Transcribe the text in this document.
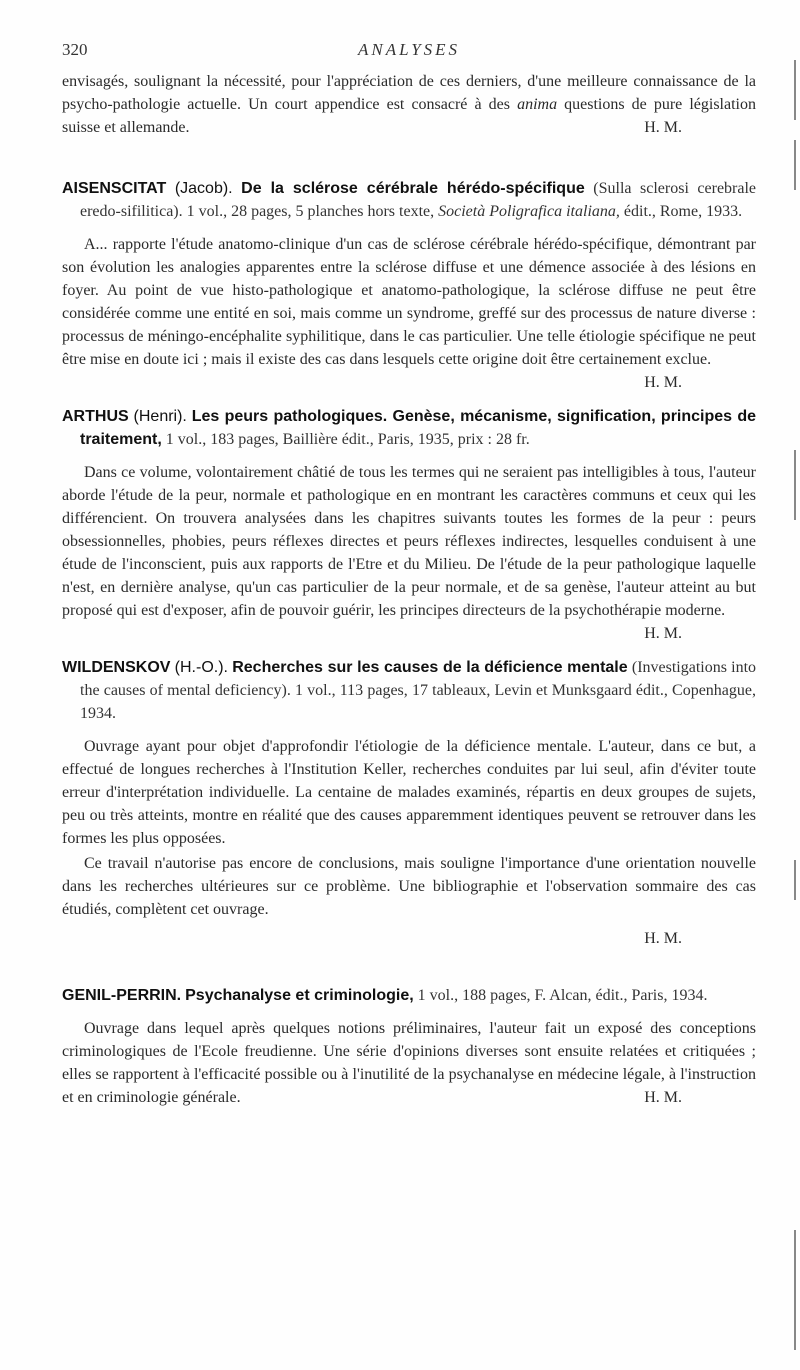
320	ANALYSES

envisagés, soulignant la nécessité, pour l'appréciation de ces derniers, d'une meilleure connaissance de la psycho-pathologie actuelle. Un court appendice est consacré à des anima questions de pure législation suisse et allemande.	H. M.

AISENSCITAT (Jacob). De la sclérose cérébrale hérédo-spécifique (Sulla sclerosi cerebrale eredo-sifilitica). 1 vol., 28 pages, 5 planches hors texte, Società Poligrafica italiana, édit., Rome, 1933.

A... rapporte l'étude anatomo-clinique d'un cas de sclérose cérébrale hérédo-spécifique, démontrant par son évolution les analogies apparentes entre la sclérose diffuse et une démence associée à des lésions en foyer. Au point de vue histo-pathologique et anatomo-pathologique, la sclérose diffuse ne peut être considérée comme une entité en soi, mais comme un syndrome, greffé sur des processus de nature diverse : processus de méningo-encéphalite syphilitique, dans le cas particulier. Une telle étiologie spécifique ne peut être mise en doute ici ; mais il existe des cas dans lesquels cette origine doit être certainement exclue.
H. M.

ARTHUS (Henri). Les peurs pathologiques. Genèse, mécanisme, signification, principes de traitement, 1 vol., 183 pages, Baillière édit., Paris, 1935, prix : 28 fr.

Dans ce volume, volontairement châtié de tous les termes qui ne seraient pas intelligibles à tous, l'auteur aborde l'étude de la peur, normale et pathologique en en montrant les caractères communs et ceux qui les différencient. On trouvera analysées dans les chapitres suivants toutes les formes de la peur : peurs obsessionnelles, phobies, peurs réflexes directes et peurs réflexes indirectes, lesquelles conduisent à une étude de l'inconscient, puis aux rapports de l'Etre et du Milieu. De l'étude de la peur pathologique laquelle n'est, en dernière analyse, qu'un cas particulier de la peur normale, et de sa genèse, l'auteur atteint au but proposé qui est d'exposer, afin de pouvoir guérir, les principes directeurs de la psychothérapie moderne.
H. M.

WILDENSKOV (H.-O.). Recherches sur les causes de la déficience mentale (Investigations into the causes of mental deficiency). 1 vol., 113 pages, 17 tableaux, Levin et Munksgaard édit., Copenhague, 1934.

Ouvrage ayant pour objet d'approfondir l'étiologie de la déficience mentale. L'auteur, dans ce but, a effectué de longues recherches à l'Institution Keller, recherches conduites par lui seul, afin d'éviter toute erreur d'interprétation individuelle. La centaine de malades examinés, répartis en deux groupes de sujets, peu ou très atteints, montre en réalité que des causes apparemment identiques peuvent se retrouver dans les formes les plus opposées.

Ce travail n'autorise pas encore de conclusions, mais souligne l'importance d'une orientation nouvelle dans les recherches ultérieures sur ce problème. Une bibliographie et l'observation sommaire des cas étudiés, complètent cet ouvrage.

H. M.

GENIL-PERRIN. Psychanalyse et criminologie, 1 vol., 188 pages, F. Alcan, édit., Paris, 1934.

Ouvrage dans lequel après quelques notions préliminaires, l'auteur fait un exposé des conceptions criminologiques de l'Ecole freudienne. Une série d'opinions diverses sont ensuite relatées et critiquées ; elles se rapportent à l'efficacité possible ou à l'inutilité de la psychanalyse en médecine légale, à l'instruction et en criminologie générale.	H. M.
